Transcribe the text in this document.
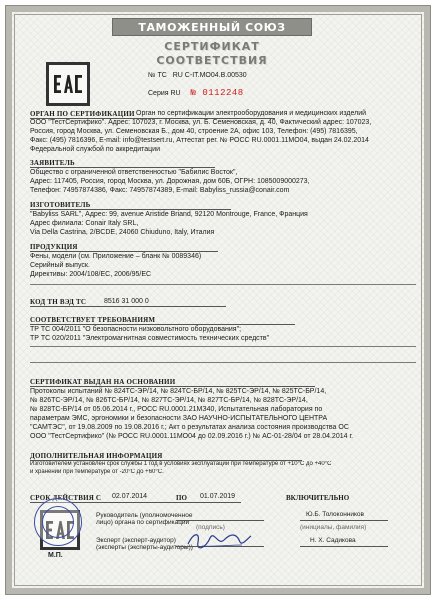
ТАМОЖЕННЫЙ СОЮЗ
СЕРТИФИКАТ СООТВЕТСТВИЯ
№ ТС RU C-IT.МО04.В.00530
Серия RU № 0112248
ОРГАН ПО СЕРТИФИКАЦИИ Орган по сертификации электрооборудования и медицинских изделий
ООО "ТестСертифико". Адрес: 107023, г. Москва, ул. Б. Семеновская, д. 40, Фактический адрес: 107023,
Россия, город Москва, ул. Семеновская Б., дом 40, строение 2А, офис 103, Телефон: (495) 7816395,
Факс: (495) 7816396, E-mail: info@testsert.ru, Аттестат рег. № POCC RU.0001.11МО04, выдан 24.02.2014
Федеральной службой по аккредитации
ЗАЯВИТЕЛЬ
Общество с ограниченной ответственностью "Бабилис Восток",
Адрес: 117405, Россия, город Москва, ул. Дорожная, дом 60Б, ОГРН: 1085009000273,
Телефон: 74957874386, Факс: 74957874389, E-mail: Babyliss_russia@conair.com
ИЗГОТОВИТЕЛЬ
"Babyliss SARL", Адрес: 99, avenue Aristide Briand, 92120 Montrouge, France, Франция
Адрес филиала: Conair Italy SRL,
Via Della Castrina, 2/BCDE, 24060 Chiuduno, Italy, Италия
ПРОДУКЦИЯ
Фены, модели (см. Приложение – бланк № 0089346)
Серийный выпуск.
Директивы: 2004/108/EC, 2006/95/EC
КОД ТН ВЭД ТС	8516 31 000 0
СООТВЕТСТВУЕТ ТРЕБОВАНИЯМ
ТР ТС 004/2011 "О безопасности низковольтного оборудования";
ТР ТС 020/2011 "Электромагнитная совместимость технических средств"
СЕРТИФИКАТ ВЫДАН НА ОСНОВАНИИ
Протоколы испытаний № 824ТС-ЭР/14, № 824ТС-БР/14, № 825ТС-ЭР/14, № 825ТС-БР/14,
№ 826ТС-ЭР/14, № 826ТС-БР/14, № 827ТС-ЭР/14, № 827ТС-БР/14, № 828ТС-ЭР/14,
№ 828ТС-БР/14 от 05.06.2014 г., РОСС RU.0001.21МЗ40, Испытательная лаборатория по
параметрам ЭМС, эргономики и безопасности ЗАО НАУЧНО-ИСПЫТАТЕЛЬНОГО ЦЕНТРА
"САМТЭС", от 19.08.2009 по 19.08.2016 г.; Акт о результатах анализа состояния производства ОС
ООО "ТестСертифико" (№ РОСС RU.0001.11МО04 до 02.09.2016 г.) № АС-01-28/04 от 28.04.2014 г.
ДОПОЛНИТЕЛЬНАЯ ИНФОРМАЦИЯ
Изготовителем установлен срок службы 1 год в условиях эксплуатации при температуре от +10°С до +40°С
и хранении при температуре от -20°С до +60°С.
СРОК ДЕЙСТВИЯ С 02.07.2014	ПО 01.07.2019	ВКЛЮЧИТЕЛЬНО
М.П.
Руководитель (уполномоченное
лицо) органа по сертификации
(подпись)	(инициалы, фамилия)
Ю.Б. Толоконников
Эксперт (эксперт-аудитор)
(эксперты (эксперты-аудиторы))
Н. Х. Садикова
